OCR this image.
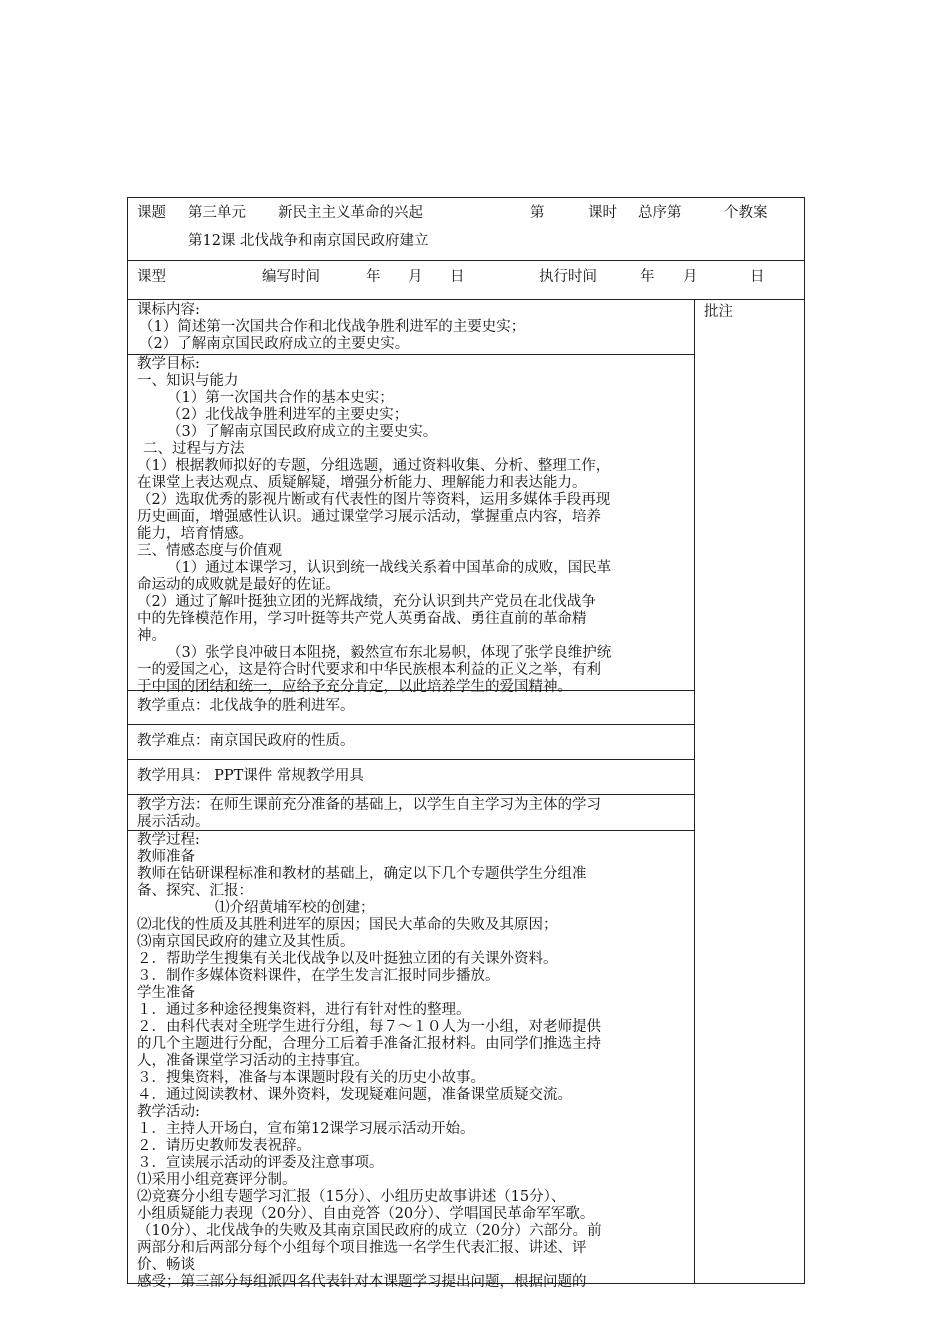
课题 第三单元 新民主主义革命的兴起	第	课时 总序第	个教案
第12课 北伐战争和南京国民政府建立
课型	编写时间	年 月 日	执行时间	年 月	日
批注
课标内容:
（1）简述第一次国共合作和北伐战争胜利进军的主要史实；
（2）了解南京国民政府成立的主要史实。
教学目标:
一、知识与能力
（1）第一次国共合作的基本史实；
（2）北伐战争胜利进军的主要史实；
（3）了解南京国民政府成立的主要史实。
二、过程与方法
（1）根据教师拟好的专题，分组选题，通过资料收集、分析、整理工作，
在课堂上表达观点、质疑解疑，增强分析能力、理解能力和表达能力。
（2）选取优秀的影视片断或有代表性的图片等资料，运用多媒体手段再现
历史画面，增强感性认识。通过课堂学习展示活动，掌握重点内容，培养
能力，培育情感。
三、情感态度与价值观
（1）通过本课学习，认识到统一战线关系着中国革命的成败，国民革
命运动的成败就是最好的佐证。
（2）通过了解叶挺独立团的光辉战绩，充分认识到共产党员在北伐战争
中的先锋模范作用，学习叶挺等共产党人英勇奋战、勇往直前的革命精
神。
（3）张学良冲破日本阻挠，毅然宣布东北易帜，体现了张学良维护统
一的爱国之心，这是符合时代要求和中华民族根本利益的正义之举，有利
于中国的团结和统一，应给予充分肯定，以此培养学生的爱国精神。
教学重点：北伐战争的胜利进军。
教学难点：南京国民政府的性质。
教学用具： PPT课件 常规教学用具
教学方法：在师生课前充分准备的基础上，以学生自主学习为主体的学习
展示活动。
教学过程:
教师准备
教师在钻研课程标准和教材的基础上，确定以下几个专题供学生分组准
备、探究、汇报：
⑴介绍黄埔军校的创建；
⑵北伐的性质及其胜利进军的原因；国民大革命的失败及其原因；
⑶南京国民政府的建立及其性质。
２．帮助学生搜集有关北伐战争以及叶挺独立团的有关课外资料。
３．制作多媒体资料课件，在学生发言汇报时同步播放。
学生准备
１．通过多种途径搜集资料，进行有针对性的整理。
２．由科代表对全班学生进行分组，每７～１０人为一小组，对老师提供
的几个主题进行分配，合理分工后着手准备汇报材料。由同学们推选主持
人，准备课堂学习活动的主持事宜。
３．搜集资料，准备与本课题时段有关的历史小故事。
４．通过阅读教材、课外资料，发现疑难问题，准备课堂质疑交流。
教学活动:
１．主持人开场白，宣布第12课学习展示活动开始。
２．请历史教师发表祝辞。
３．宣读展示活动的评委及注意事项。
⑴采用小组竞赛评分制。
⑵竞赛分小组专题学习汇报（15分）、小组历史故事讲述（15分）、
小组质疑能力表现（20分）、自由竞答（20分）、学唱国民革命军军歌。
（10分）、北伐战争的失败及其南京国民政府的成立（20分）六部分。前
两部分和后两部分每个小组每个项目推选一名学生代表汇报、讲述、评
价、畅谈
感受；第三部分每组派四名代表针对本课题学习提出问题，根据问题的
